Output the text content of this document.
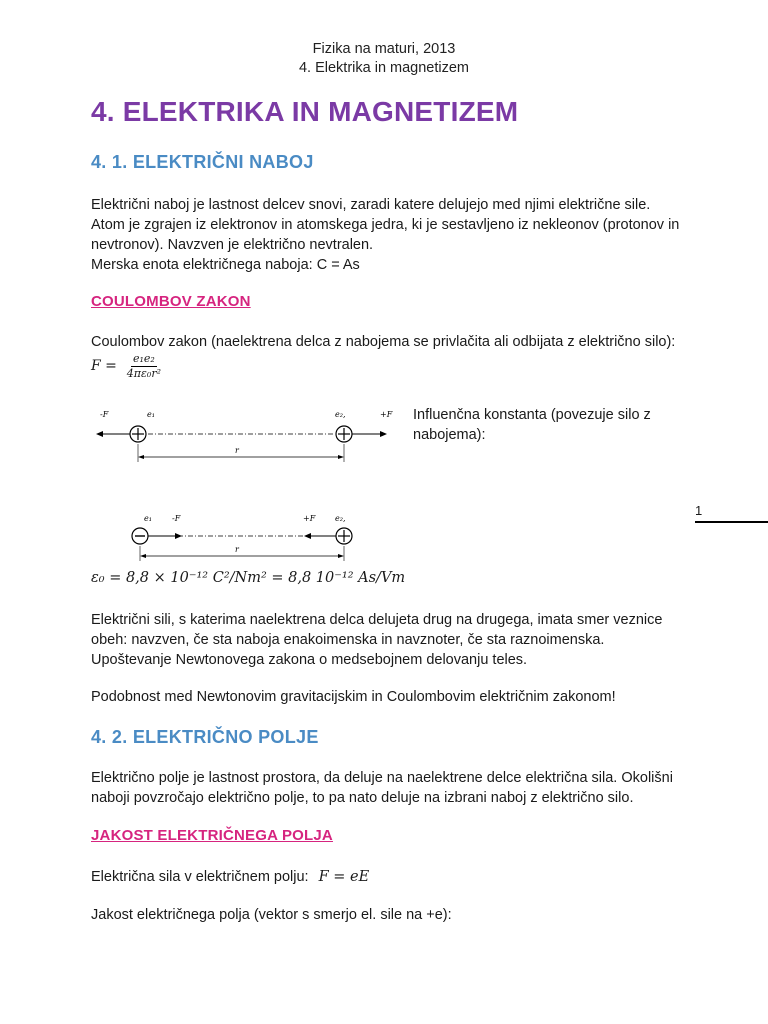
Fizika na maturi, 2013
4. Elektrika in magnetizem
4. ELEKTRIKA IN MAGNETIZEM
4. 1. ELEKTRIČNI NABOJ

Električni naboj je lastnost delcev snovi, zaradi katere delujejo med njimi električne sile.

Atom je zgrajen iz elektronov in atomskega jedra, ki je sestavljeno iz nekleonov (protonov in

nevtronov). Navzven je električno nevtralen.

Merska enota električnega naboja: C = As

COULOMBOV ZAKON
Coulombov zakon (naelektrena delca z nabojema se privlačita ali odbijata z električno silo):
$F = \frac{\text{e₁e₂}}{\text{4πε₀r²}}$
-F	e₁	e₂,	+F
r

Influenčna konstanta (povezuje silo z

nabojema):

e₁	-F	+F e₂,
r
ε₀ = 8,8 × 10⁻¹² C²/Nm² = 8,8 10⁻¹² As/Vm
1

Električni sili, s katerima naelektrena delca delujeta drug na drugega, imata smer veznice

obeh: navzven, če sta naboja enakoimenska in navznoter, če sta raznoimenska.

Upoštevanje Newtonovega zakona o medsebojnem delovanju teles.

Podobnost med Newtonovim gravitacijskim in Coulombovim električnim zakonom!
4. 2. ELEKTRIČNO POLJE

Električno polje je lastnost prostora, da deluje na naelektrene delce električna sila. Okolišni

naboji povzročajo električno polje, to pa nato deluje na izbrani naboj z električno silo.

JAKOST ELEKTRIČNEGA POLJA
Električna sila v električnem polju: F = eE
Jakost električnega polja (vektor s smerjo el. sile na +e):
